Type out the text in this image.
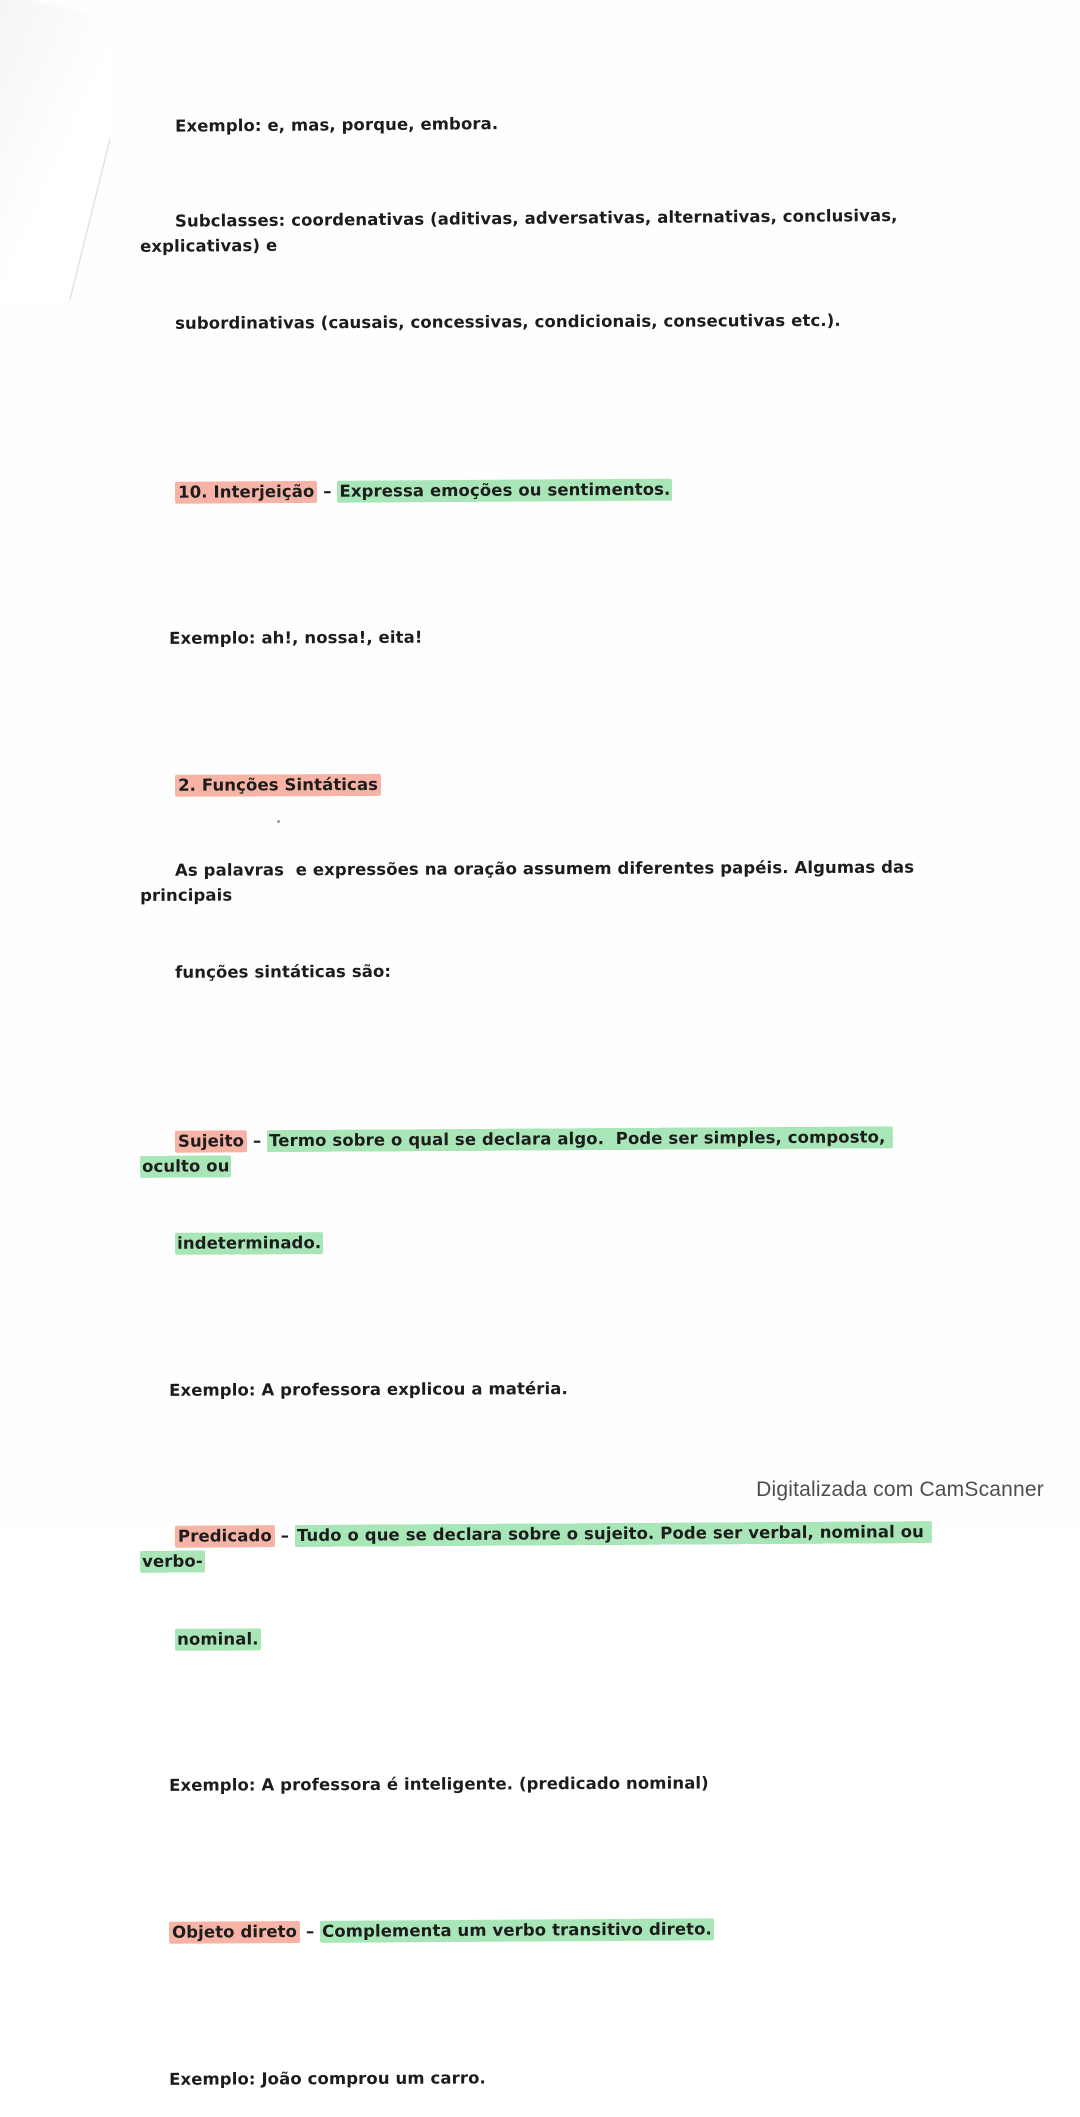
Exemplo: e, mas, porque, embora.

Subclasses: coordenativas (aditivas, adversativas, alternativas, conclusivas, explicativas) e

subordinativas (causais, concessivas, condicionais, consecutivas etc.).

10. Interjeição – Expressa emoções ou sentimentos.

Exemplo: ah!, nossa!, eita!

2. Funções Sintáticas

As palavras  e expressões na oração assumem diferentes papéis. Algumas das principais

funções sintáticas são:

Sujeito – Termo sobre o qual se declara algo.  Pode ser simples, composto, oculto ou

indeterminado.

Exemplo: A professora explicou a matéria.

Predicado – Tudo o que se declara sobre o sujeito. Pode ser verbal, nominal ou verbo-

nominal.

Exemplo: A professora é inteligente. (predicado nominal)

Objeto direto – Complementa um verbo transitivo direto.

Exemplo: João comprou um carro.

Digitalizada com CamScanner
